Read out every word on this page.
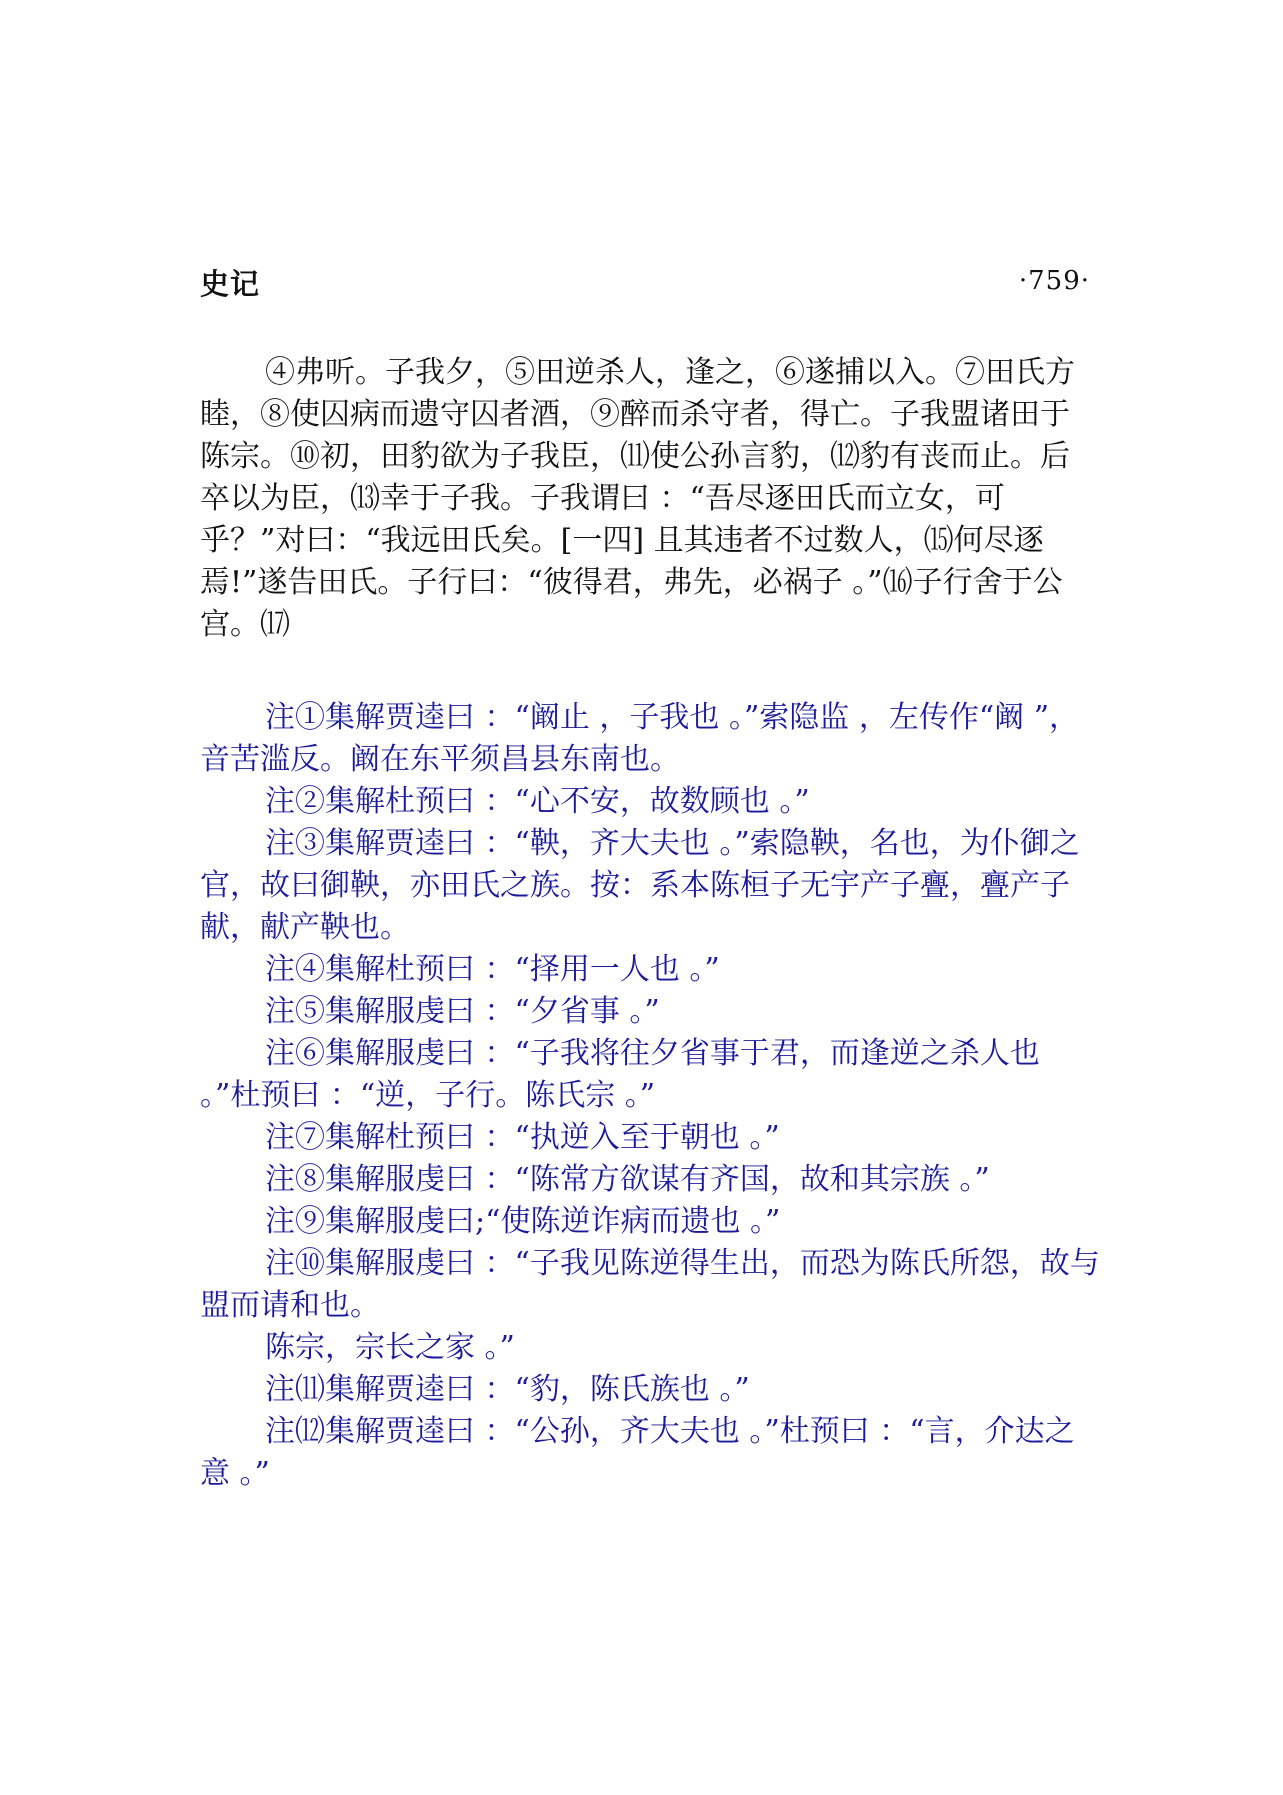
史记	·759·

④弗听。子我夕，⑤田逆杀人，逢之，⑥遂捕以入。⑦田氏方睦，⑧使囚病而遗守囚者酒，⑨醉而杀守者，得亡。子我盟诸田于陈宗。⑩初，田豹欲为子我臣，⑾使公孙言豹，⑿豹有丧而止。后卒以为臣，⒀幸于子我。子我谓曰 ：“吾尽逐田氏而立女，可乎？”对曰：“我远田氏矣。[一四] 且其违者不过数人，⒂何尽逐焉!”遂告田氏。子行曰：“彼得君，弗先，必祸子 。”⒃子行舍于公宫。⒄

注①集解贾逵曰 ：“阚止 ，子我也 。”索隐监 ，左传作“阚 ”，音苦滥反。阚在东平须昌县东南也。

注②集解杜预曰 ：“心不安，故数顾也 。”

注③集解贾逵曰 ：“鞅，齐大夫也 。”索隐鞅，名也，为仆御之官，故曰御鞅，亦田氏之族。按：系本陈桓子无宇产子亹，亹产子献，献产鞅也。

注④集解杜预曰 ：“择用一人也 。”

注⑤集解服虔曰 ：“夕省事 。”

注⑥集解服虔曰 ：“子我将往夕省事于君，而逢逆之杀人也 。”杜预曰 ：“逆，子行。陈氏宗 。”

注⑦集解杜预曰 ：“执逆入至于朝也 。”

注⑧集解服虔曰 ：“陈常方欲谋有齐国，故和其宗族 。”

注⑨集解服虔曰;“使陈逆诈病而遗也 。”

注⑩集解服虔曰 ：“子我见陈逆得生出，而恐为陈氏所怨，故与盟而请和也。

陈宗，宗长之家 。”

注⑾集解贾逵曰 ：“豹，陈氏族也 。”

注⑿集解贾逵曰 ：“公孙，齐大夫也 。”杜预曰 ：“言，介达之意 。”
